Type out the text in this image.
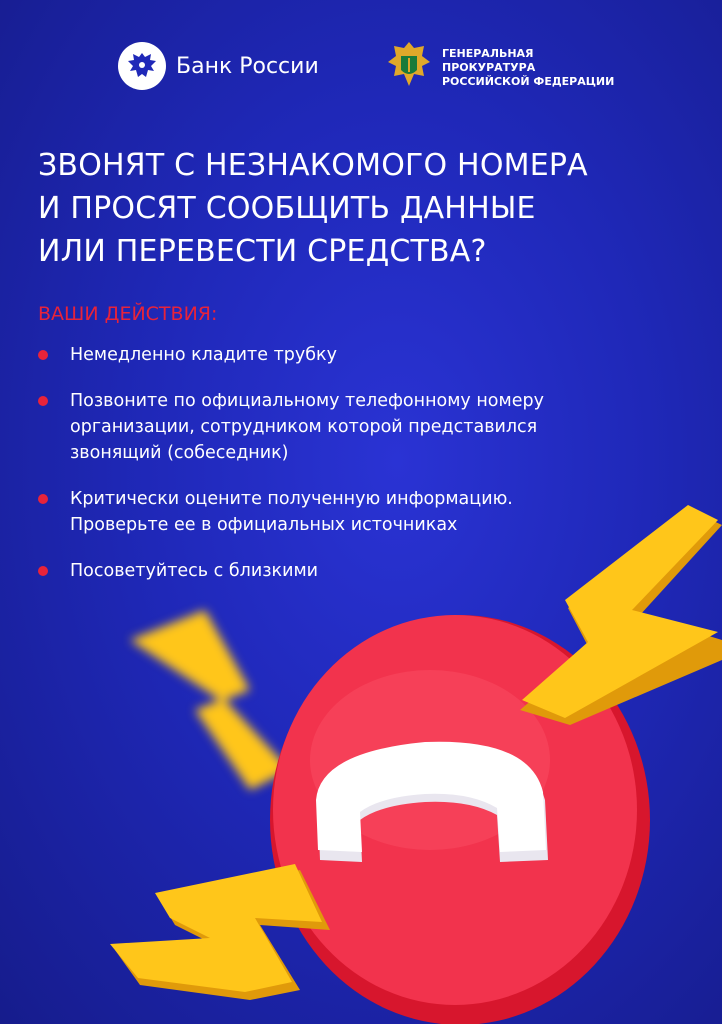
Банк России	ГЕНЕРАЛЬНАЯ ПРОКУРАТУРА РОССИЙСКОЙ ФЕДЕРАЦИИ
ЗВОНЯТ С НЕЗНАКОМОГО НОМЕРА
И ПРОСЯТ СООБЩИТЬ ДАННЫЕ
ИЛИ ПЕРЕВЕСТИ СРЕДСТВА?
ВАШИ ДЕЙСТВИЯ:
Немедленно кладите трубку
Позвоните по официальному телефонному номеру организации, сотрудником которой представился звонящий (собеседник)
Критически оцените полученную информацию. Проверьте ее в официальных источниках
Посоветуйтесь с близкими
